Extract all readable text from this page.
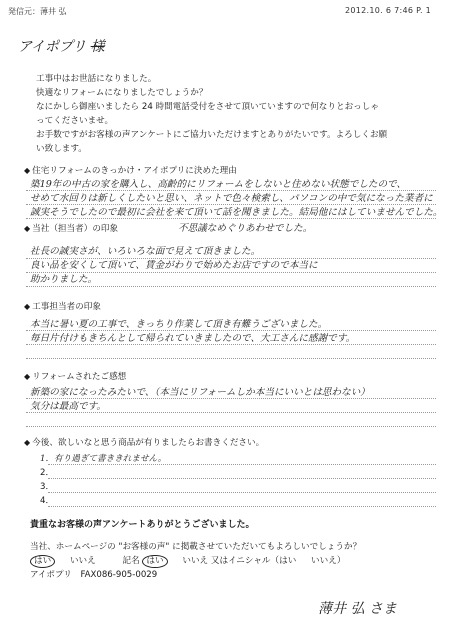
発信元：薄井 弘	2012.10. 6 7:46 P. 1
アイポプリ 様

工事中はお世話になりました。

快適なリフォームになりましたでしょうか？

なにかしら御座いましたら 24 時間電話受付をさせて頂いていますので何なりとおっしゃ

ってくださいませ。

お手数ですがお客様の声アンケートにご協力いただけますとありがたいです。よろしくお願

い致します。

◆ 住宅リフォームのきっかけ・アイポプリに決めた理由
築19年の中古の家を購入し、高齢的にリフォームをしないと住めない状態でしたので、
せめて水回りは新しくしたいと思い、ネットで色々検索し、パソコンの中で気になった業者に
誠実そうでしたので最初に会社を来て頂いて話を聞きました。結局他にはしていませんでした。
◆ 当社（担当者）の印象	不思議なめぐりあわせでした。
社長の誠実さが、いろいろな面で見えて頂きました。
良い品を安くして頂いて、賃金がわりで始めたお店ですので本当に
助かりました。
◆ 工事担当者の印象
本当に暑い夏の工事で、きっちり作業して頂き有難うございました。
毎日片付けもきちんとして帰られていきましたので、大工さんに感謝です。
◆ リフォームされたご感想
新築の家になったみたいで、（本当にリフォームしか本当にいいとは思わない）
気分は最高です。
◆ 今後、欲しいなと思う商品が有りましたらお書きください。
1．有り過ぎて書ききれません。
2．
3．
4．
貴重なお客様の声アンケートありがとうございました。

当社、ホームページの "お客様の声" に掲載させていただいてもよろしいでしょうか？

はい いいえ	記名 はい いいえ 又はイニシャル（はい いいえ）

アイポプリ　FAX086-905-0029

薄井 弘 さま
